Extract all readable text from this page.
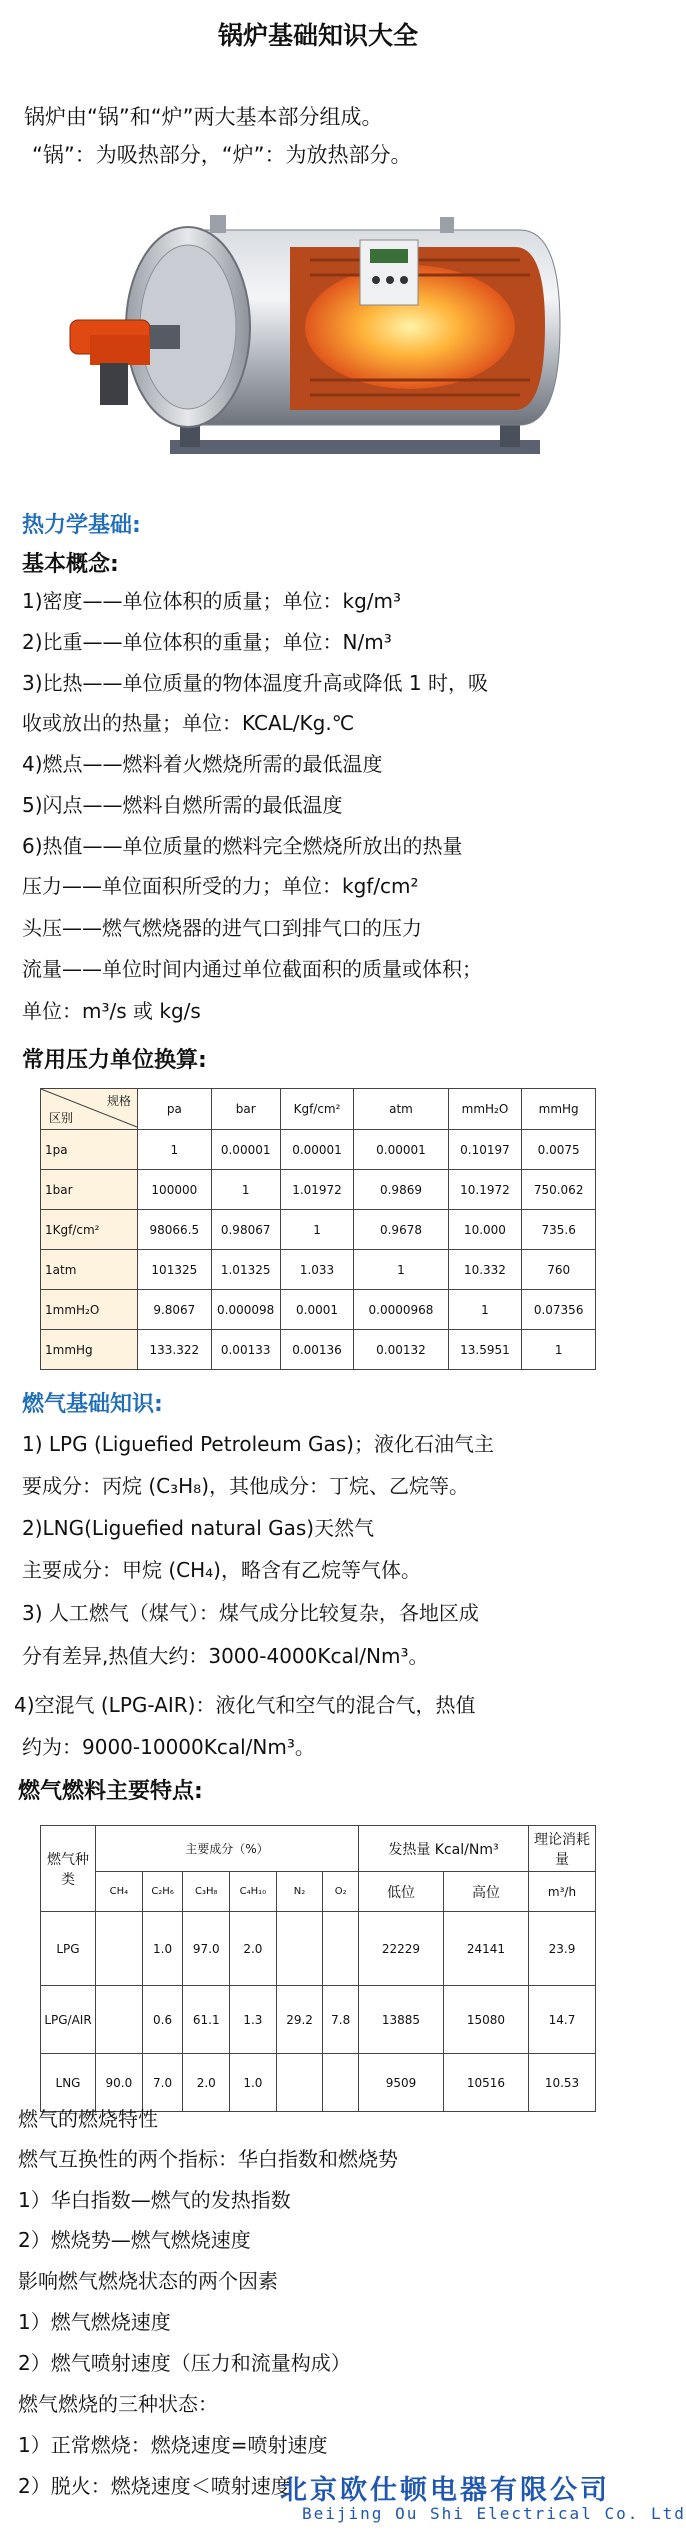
锅炉基础知识大全
锅炉由“锅”和“炉”两大基本部分组成。
“锅”：为吸热部分，“炉”：为放热部分。
热力学基础:
基本概念:
1)密度——单位体积的质量；单位：kg/m³
2)比重——单位体积的重量；单位：N/m³
3)比热——单位质量的物体温度升高或降低 1 时，吸
收或放出的热量；单位：KCAL/Kg.℃
4)燃点——燃料着火燃烧所需的最低温度
5)闪点——燃料自燃所需的最低温度
6)热值——单位质量的燃料完全燃烧所放出的热量
压力——单位面积所受的力；单位：kgf/cm²
头压——燃气燃烧器的进气口到排气口的压力
流量——单位时间内通过单位截面积的质量或体积；
单位：m³/s 或 kg/s
常用压力单位换算:
规格
区别	pa	bar	Kgf/cm²	atm	mmH₂O	mmHg
1pa	1	0.00001	0.00001	0.00001	0.10197	0.0075
1bar	100000	1	1.01972	0.9869	10.1972	750.062
1Kgf/cm²	98066.5	0.98067	1	0.9678	10.000	735.6
1atm	101325	1.01325	1.033	1	10.332	760
1mmH₂O	9.8067	0.000098	0.0001	0.0000968	1	0.07356
1mmHg	133.322	0.00133	0.00136	0.00132	13.5951	1
燃气基础知识:
1) LPG (Liguefied Petroleum Gas)；液化石油气主
要成分：丙烷 (C₃H₈)，其他成分：丁烷、乙烷等。
2)LNG(Liguefied natural Gas)天然气
主要成分：甲烷 (CH₄)，略含有乙烷等气体。
3) 人工燃气（煤气）：煤气成分比较复杂，各地区成
分有差异,热值大约：3000-4000Kcal/Nm³。
4)空混气 (LPG-AIR)：液化气和空气的混合气，热值
约为：9000-10000Kcal/Nm³。
燃气燃料主要特点:
燃气种类	主要成分（%）						发热量 Kcal/Nm³		理论消耗量
	CH₄	C₂H₆	C₃H₈	C₄H₁₀	N₂	O₂	低位	高位	m³/h
LPG		1.0	97.0	2.0			22229	24141	23.9
LPG/AIR		0.6	61.1	1.3	29.2	7.8	13885	15080	14.7
LNG	90.0	7.0	2.0	1.0			9509	10516	10.53
燃气的燃烧特性
燃气互换性的两个指标：华白指数和燃烧势
1）华白指数—燃气的发热指数
2）燃烧势—燃气燃烧速度
影响燃气燃烧状态的两个因素
1）燃气燃烧速度
2）燃气喷射速度（压力和流量构成）
燃气燃烧的三种状态：
1）正常燃烧：燃烧速度=喷射速度
2）脱火：燃烧速度＜喷射速度
北京欧仕顿电器有限公司
Beijing Ou Shi Electrical Co. Ltd
